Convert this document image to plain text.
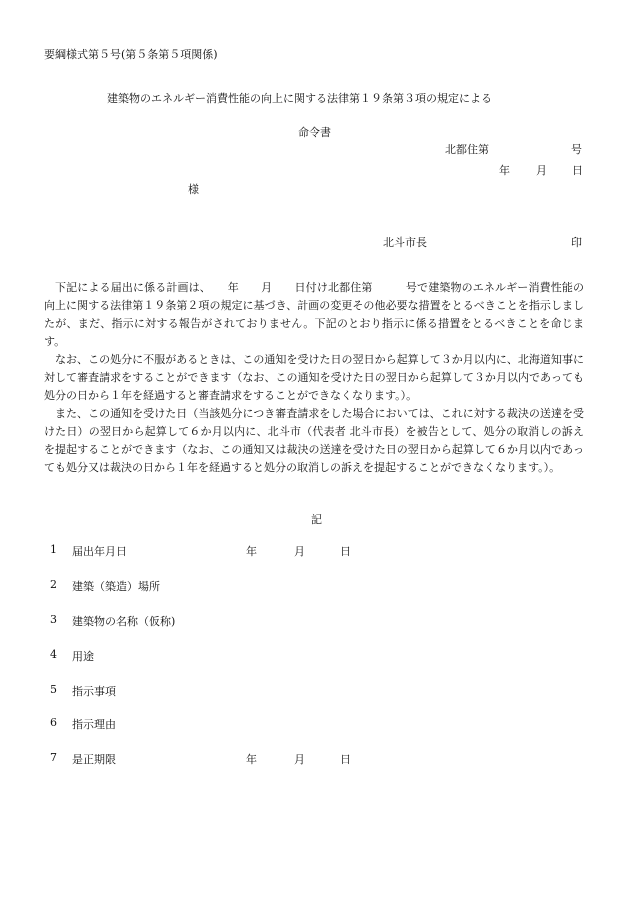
要綱様式第５号(第５条第５項関係)
建築物のエネルギー消費性能の向上に関する法律第１９条第３項の規定による
命令書
北都住第	号
年 月 日
様
北斗市長	印

下記による届出に係る計画は、　　年　　月　　日付け北都住第　　　号で建築物のエネルギー消費性能の向上に関する法律第１９条第２項の規定に基づき、計画の変更その他必要な措置をとるべきことを指示しましたが、まだ、指示に対する報告がされておりません。下記のとおり指示に係る措置をとるべきことを命じます。

なお、この処分に不服があるときは、この通知を受けた日の翌日から起算して３か月以内に、北海道知事に対して審査請求をすることができます（なお、この通知を受けた日の翌日から起算して３か月以内であっても処分の日から１年を経過すると審査請求をすることができなくなります。）。

また、この通知を受けた日（当該処分につき審査請求をした場合においては、これに対する裁決の送達を受けた日）の翌日から起算して６か月以内に、北斗市（代表者 北斗市長）を被告として、処分の取消しの訴えを提起することができます（なお、この通知又は裁決の送達を受けた日の翌日から起算して６か月以内であっても処分又は裁決の日から１年を経過すると処分の取消しの訴えを提起することができなくなります。）。

記
1 届出年月日	年	月	日
2 建築（築造）場所
3 建築物の名称（仮称)
4 用途
5 指示事項
6 指示理由
7 是正期限	年	月	日
